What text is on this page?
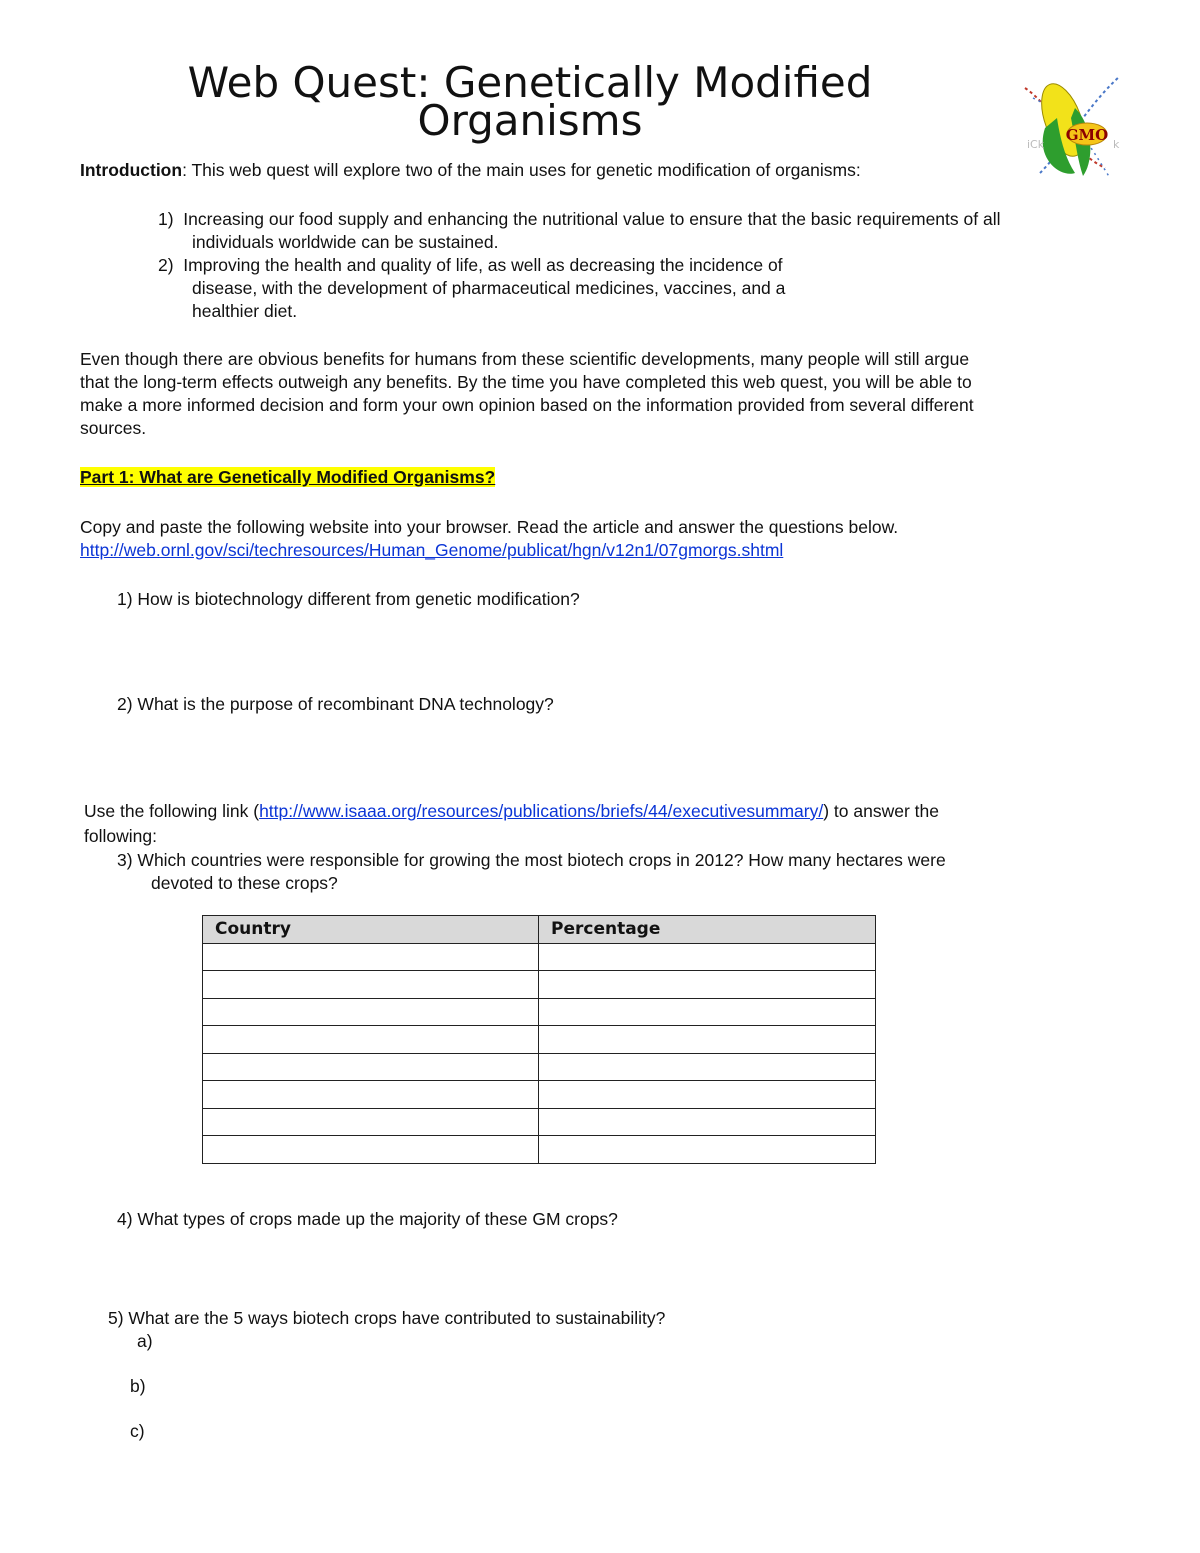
Web Quest: Genetically Modified
Organisms	GMO
iCk	k
Introduction: This web quest will explore two of the main uses for genetic modification of organisms:
1) Increasing our food supply and enhancing the nutritional value to ensure that the basic requirements of all
individuals worldwide can be sustained.
2) Improving the health and quality of life, as well as decreasing the incidence of
disease, with the development of pharmaceutical medicines, vaccines, and a
healthier diet.
Even though there are obvious benefits for humans from these scientific developments, many people will still argue
that the long-term effects outweigh any benefits. By the time you have completed this web quest, you will be able to
make a more informed decision and form your own opinion based on the information provided from several different
sources.
Part 1: What are Genetically Modified Organisms?
Copy and paste the following website into your browser. Read the article and answer the questions below.
http://web.ornl.gov/sci/techresources/Human_Genome/publicat/hgn/v12n1/07gmorgs.shtml
1) How is biotechnology different from genetic modification?
2) What is the purpose of recombinant DNA technology?
Use the following link (http://www.isaaa.org/resources/publications/briefs/44/executivesummary/) to answer the
following:
3) Which countries were responsible for growing the most biotech crops in 2012? How many hectares were
devoted to these crops?
Country	Percentage

4) What types of crops made up the majority of these GM crops?
5) What are the 5 ways biotech crops have contributed to sustainability?
a)
b)
c)
